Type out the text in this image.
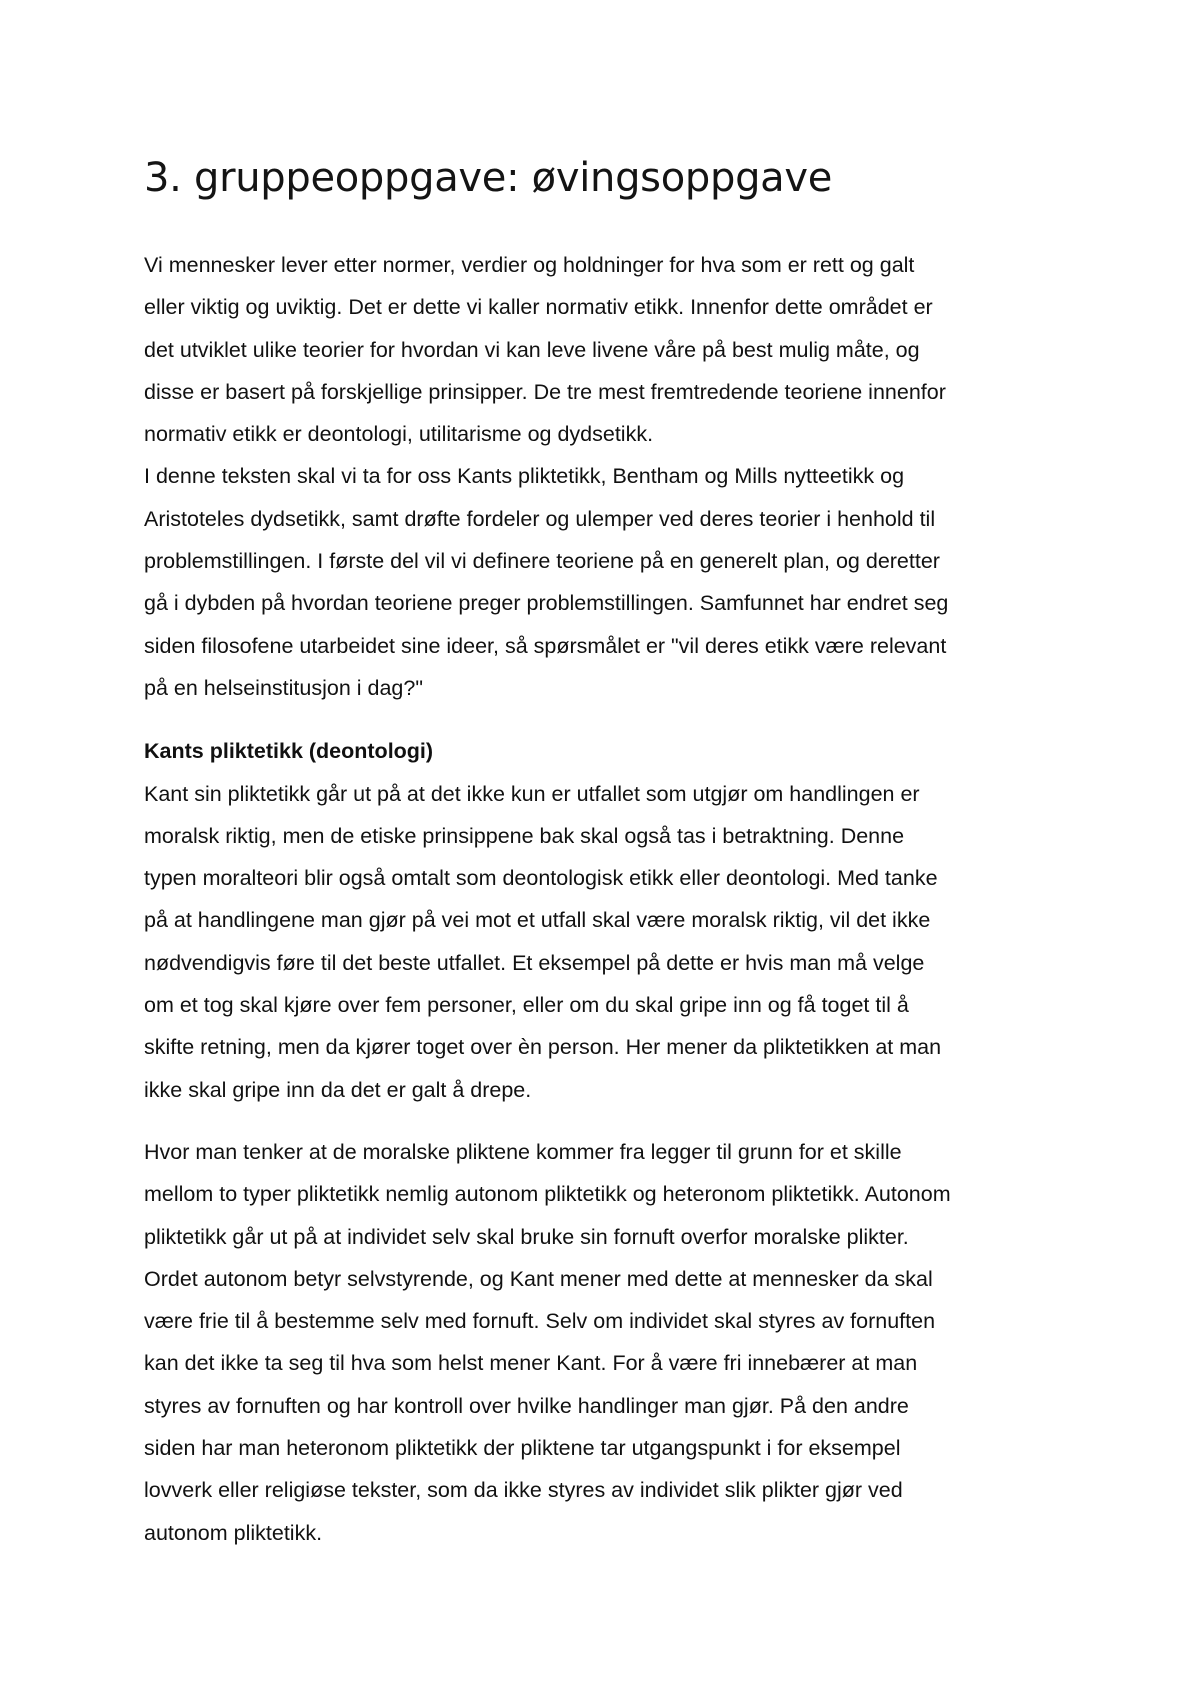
3. gruppeoppgave: øvingsoppgave

Vi mennesker lever etter normer, verdier og holdninger for hva som er rett og galt
eller viktig og uviktig. Det er dette vi kaller normativ etikk. Innenfor dette området er
det utviklet ulike teorier for hvordan vi kan leve livene våre på best mulig måte, og
disse er basert på forskjellige prinsipper. De tre mest fremtredende teoriene innenfor
normativ etikk er deontologi, utilitarisme og dydsetikk.
I denne teksten skal vi ta for oss Kants pliktetikk, Bentham og Mills nytteetikk og
Aristoteles dydsetikk, samt drøfte fordeler og ulemper ved deres teorier i henhold til
problemstillingen. I første del vil vi definere teoriene på en generelt plan, og deretter
gå i dybden på hvordan teoriene preger problemstillingen. Samfunnet har endret seg
siden filosofene utarbeidet sine ideer, så spørsmålet er "vil deres etikk være relevant
på en helseinstitusjon i dag?"

Kants pliktetikk (deontologi)

Kant sin pliktetikk går ut på at det ikke kun er utfallet som utgjør om handlingen er
moralsk riktig, men de etiske prinsippene bak skal også tas i betraktning. Denne
typen moralteori blir også omtalt som deontologisk etikk eller deontologi. Med tanke
på at handlingene man gjør på vei mot et utfall skal være moralsk riktig, vil det ikke
nødvendigvis føre til det beste utfallet. Et eksempel på dette er hvis man må velge
om et tog skal kjøre over fem personer, eller om du skal gripe inn og få toget til å
skifte retning, men da kjører toget over èn person. Her mener da pliktetikken at man
ikke skal gripe inn da det er galt å drepe.

Hvor man tenker at de moralske pliktene kommer fra legger til grunn for et skille
mellom to typer pliktetikk nemlig autonom pliktetikk og heteronom pliktetikk. Autonom
pliktetikk går ut på at individet selv skal bruke sin fornuft overfor moralske plikter.
Ordet autonom betyr selvstyrende, og Kant mener med dette at mennesker da skal
være frie til å bestemme selv med fornuft. Selv om individet skal styres av fornuften
kan det ikke ta seg til hva som helst mener Kant. For å være fri innebærer at man
styres av fornuften og har kontroll over hvilke handlinger man gjør. På den andre
siden har man heteronom pliktetikk der pliktene tar utgangspunkt i for eksempel
lovverk eller religiøse tekster, som da ikke styres av individet slik plikter gjør ved
autonom pliktetikk.
